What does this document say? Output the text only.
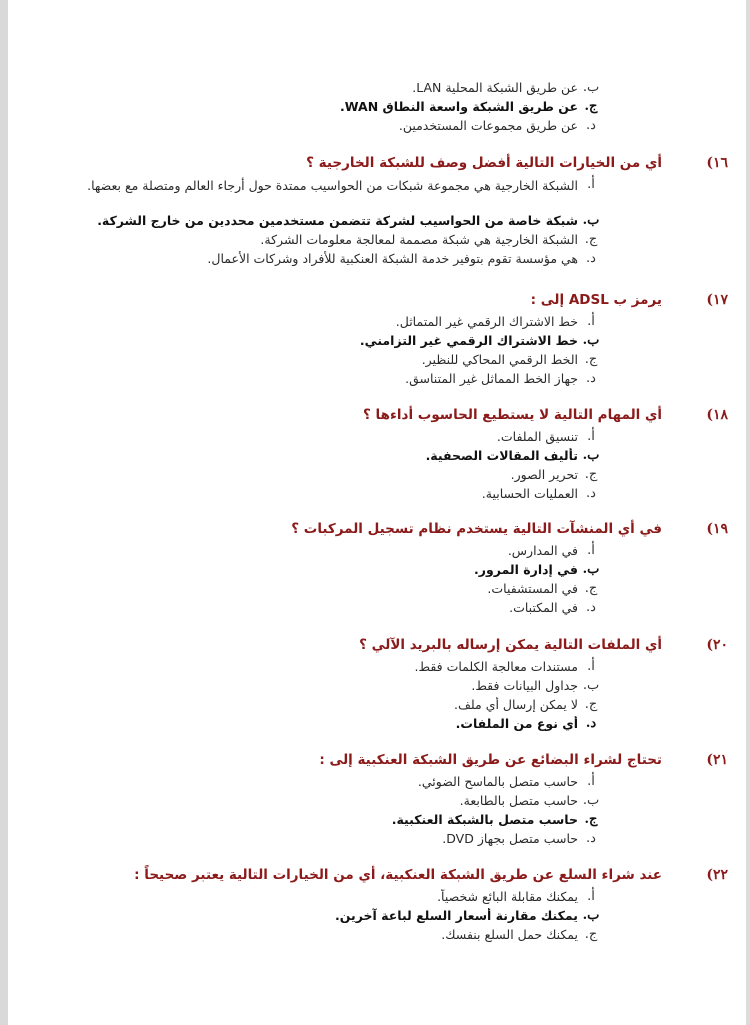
ب.
عن طريق الشبكة المحلية LAN.
ج.
عن طريق الشبكة واسعة النطاق WAN.
د.
عن طريق مجموعات المستخدمين.
١٦)
أي من الخيارات التالية أفضل وصف للشبكة الخارجية ؟
أ.
الشبكة الخارجية هي مجموعة شبكات من الحواسيب ممتدة حول أرجاء العالم ومتصلة مع بعضها.
ب.
شبكة خاصة من الحواسيب لشركة تتضمن مستخدمين محددين من خارج الشركة.
ج.
الشبكة الخارجية هي شبكة مصممة لمعالجة معلومات الشركة.
د.
هي مؤسسة تقوم بتوفير خدمة الشبكة العنكبية للأفراد وشركات الأعمال.
١٧)
يرمز ب ADSL إلى :
أ.
خط الاشتراك الرقمي غير المتماثل.
ب.
خط الاشتراك الرقمي غير التزامني.
ج.
الخط الرقمي المحاكي للنظير.
د.
جهاز الخط المماثل غير المتناسق.
١٨)
أي المهام التالية لا يستطيع الحاسوب أداءها ؟
أ.
تنسيق الملفات.
ب.
تأليف المقالات الصحفية.
ج.
تحرير الصور.
د.
العمليات الحسابية.
١٩)
في أي المنشآت التالية يستخدم نظام تسجيل المركبات ؟
أ.
في المدارس.
ب.
في إدارة المرور.
ج.
في المستشفيات.
د.
في المكتبات.
٢٠)
أي الملفات التالية يمكن إرساله بالبريد الآلي ؟
أ.
مستندات معالجة الكلمات فقط.
ب.
جداول البيانات فقط.
ج.
لا يمكن إرسال أي ملف.
د.
أي نوع من الملفات.
٢١)
تحتاج لشراء البضائع عن طريق الشبكة العنكبية إلى :
أ.
حاسب متصل بالماسح الضوئي.
ب.
حاسب متصل بالطابعة.
ج.
حاسب متصل بالشبكة العنكبية.
د.
حاسب متصل بجهاز DVD.
٢٢)
عند شراء السلع عن طريق الشبكة العنكبية، أي من الخيارات التالية يعتبر صحيحاً :
أ.
يمكنك مقابلة البائع شخصياً.
ب.
يمكنك مقارنة أسعار السلع لباعة آخرين.
ج.
يمكنك حمل السلع بنفسك.
